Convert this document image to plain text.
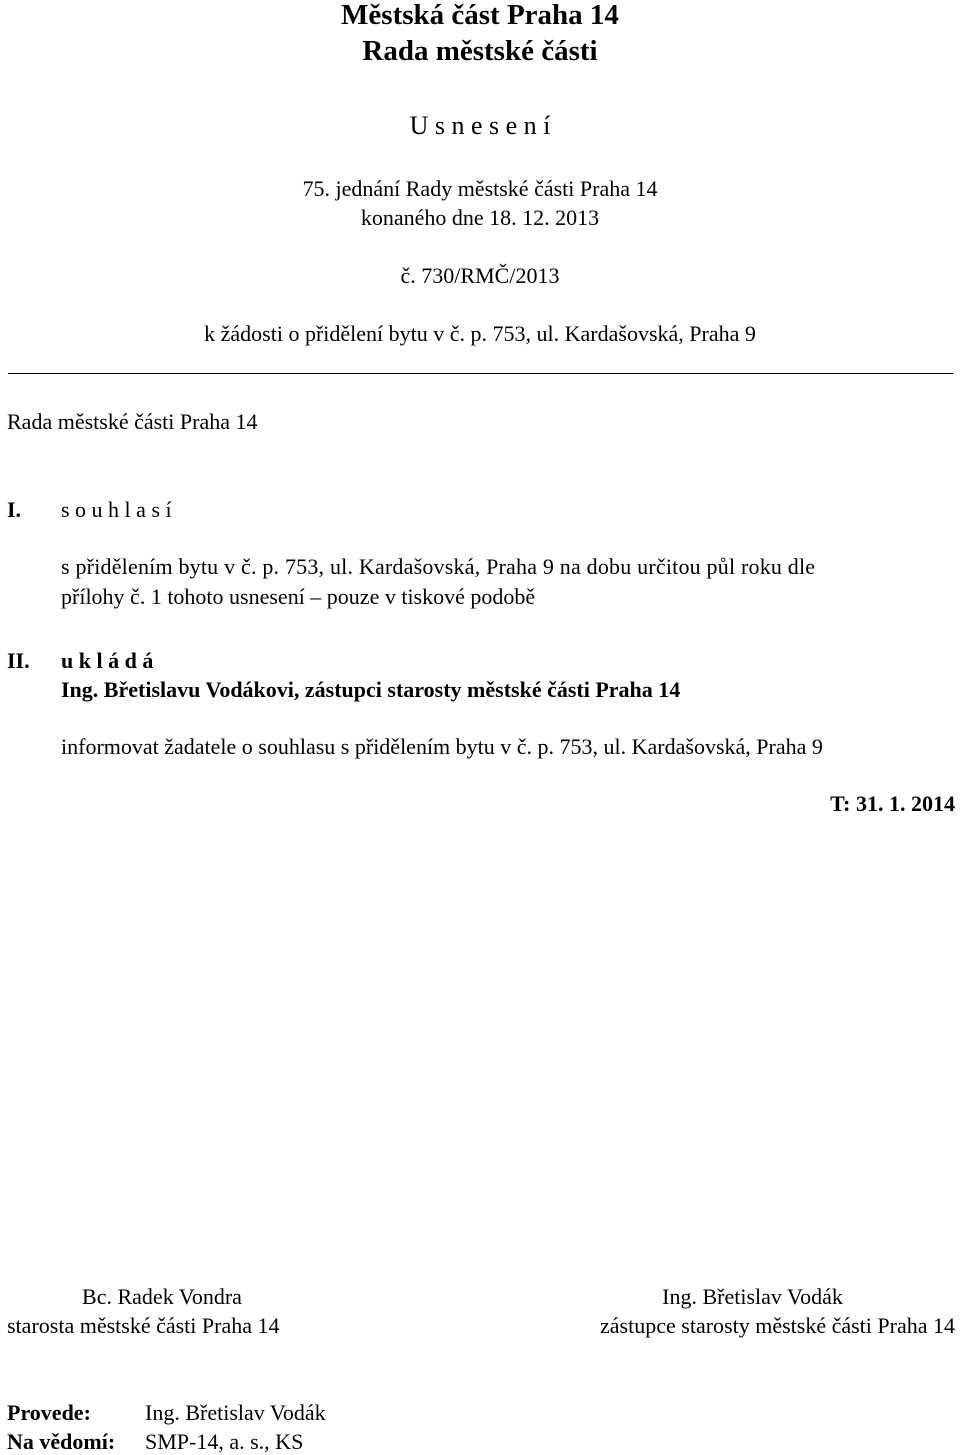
Městská část Praha 14
Rada městské části
U s n e s e n í
75. jednání Rady městské části Praha 14
konaného dne 18. 12. 2013
č. 730/RMČ/2013
k žádosti o přidělení bytu v č. p. 753, ul. Kardašovská, Praha 9
Rada městské části Praha 14
I. s o u h l a s í
s přidělením bytu v č. p. 753, ul. Kardašovská, Praha 9 na dobu určitou půl roku dle
přílohy č. 1 tohoto usnesení – pouze v tiskové podobě
II. u k l á d á
Ing. Břetislavu Vodákovi, zástupci starosty městské části Praha 14
informovat žadatele o souhlasu s přidělením bytu v č. p. 753, ul. Kardašovská, Praha 9
T: 31. 1. 2014
Bc. Radek Vondra
starosta městské části Praha 14
Ing. Břetislav Vodák
zástupce starosty městské části Praha 14
Provede: Ing. Břetislav Vodák
Na vědomí: SMP-14, a. s., KS
